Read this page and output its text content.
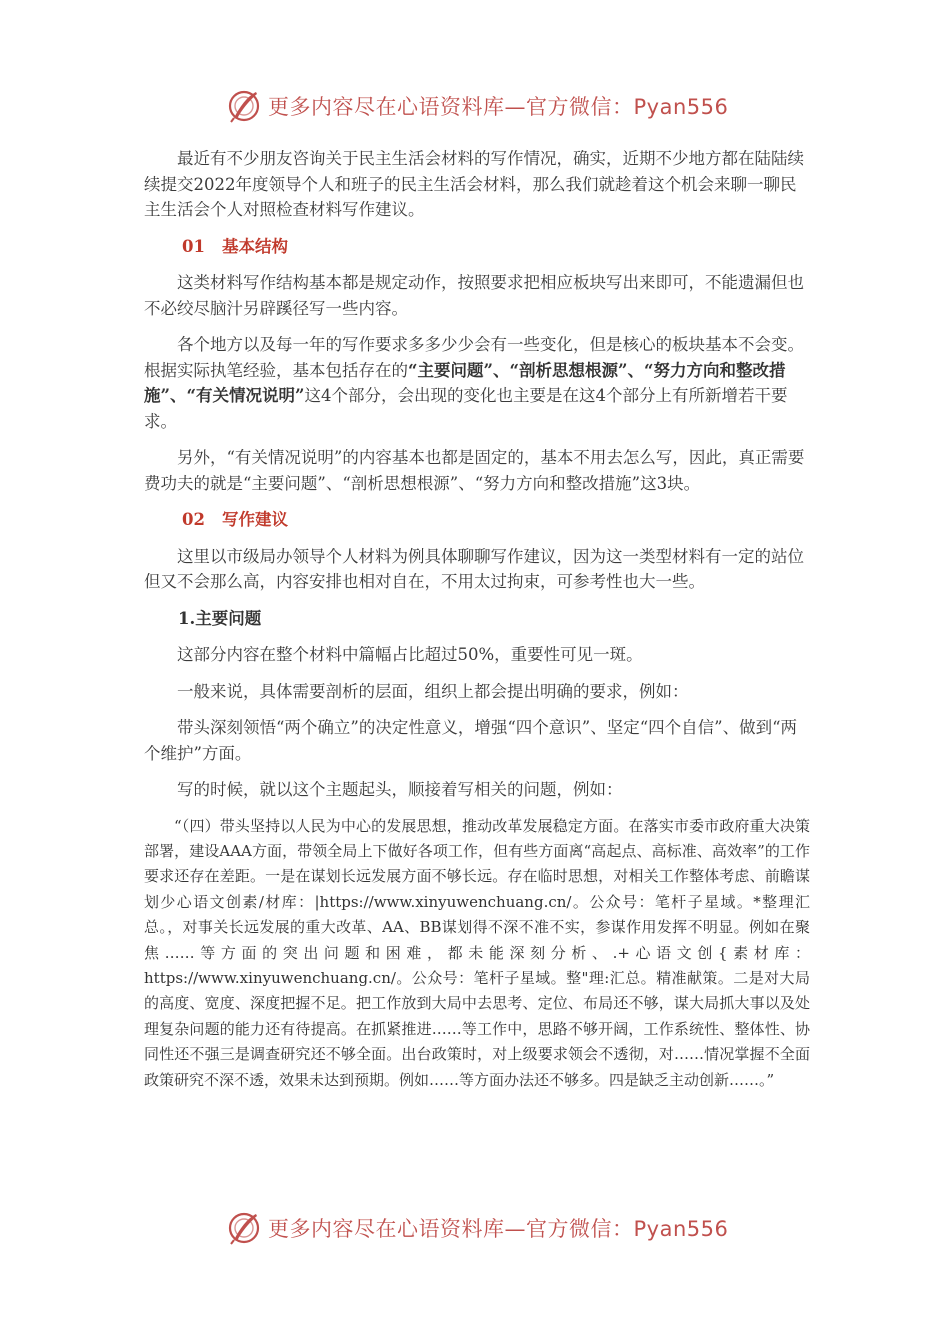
更多内容尽在心语资料库—官方微信：Pyan556

最近有不少朋友咨询关于民主生活会材料的写作情况，确实，近期不少地方都在陆陆续续提交2022年度领导个人和班子的民主生活会材料，那么我们就趁着这个机会来聊一聊民主生活会个人对照检查材料写作建议。

01 基本结构

这类材料写作结构基本都是规定动作，按照要求把相应板块写出来即可，不能遗漏但也不必绞尽脑汁另辟蹊径写一些内容。

各个地方以及每一年的写作要求多多少少会有一些变化，但是核心的板块基本不会变。根据实际执笔经验，基本包括存在的“主要问题”、“剖析思想根源”、“努力方向和整改措施”、“有关情况说明”这4个部分，会出现的变化也主要是在这4个部分上有所新增若干要求。

另外，“有关情况说明”的内容基本也都是固定的，基本不用去怎么写，因此，真正需要费功夫的就是“主要问题”、“剖析思想根源”、“努力方向和整改措施”这3块。

02 写作建议

这里以市级局办领导个人材料为例具体聊聊写作建议，因为这一类型材料有一定的站位但又不会那么高，内容安排也相对自在，不用太过拘束，可参考性也大一些。

1.主要问题

这部分内容在整个材料中篇幅占比超过50%，重要性可见一斑。

一般来说，具体需要剖析的层面，组织上都会提出明确的要求，例如：

带头深刻领悟“两个确立”的决定性意义，增强“四个意识”、坚定“四个自信”、做到“两个维护”方面。

写的时候，就以这个主题起头，顺接着写相关的问题，例如：

“（四）带头坚持以人民为中心的发展思想，推动改革发展稳定方面。在落实市委市政府重大决策部署，建设AAA方面，带领全局上下做好各项工作，但有些方面离“高起点、高标准、高效率”的工作要求还存在差距。一是在谋划长远发展方面不够长远。存在临时思想，对相关工作整体考虑、前瞻谋划少心语文创素/材库：|https://www.xinyuwenchuang.cn/。公众号：笔杆子星域。*整理汇总。，对事关长远发展的重大改革、AA、BB谋划得不深不准不实，参谋作用发挥不明显。例如在聚焦……等方面的突出问题和困难，都未能深刻分析、.+心语文创{素材库：https://www.xinyuwenchuang.cn/。公众号：笔杆子星域。整"理:汇总。精准献策。二是对大局的高度、宽度、深度把握不足。把工作放到大局中去思考、定位、布局还不够，谋大局抓大事以及处理复杂问题的能力还有待提高。在抓紧推进……等工作中，思路不够开阔，工作系统性、整体性、协同性还不强三是调查研究还不够全面。出台政策时，对上级要求领会不透彻，对……情况掌握不全面政策研究不深不透，效果未达到预期。例如……等方面办法还不够多。四是缺乏主动创新……。”

更多内容尽在心语资料库—官方微信：Pyan556
